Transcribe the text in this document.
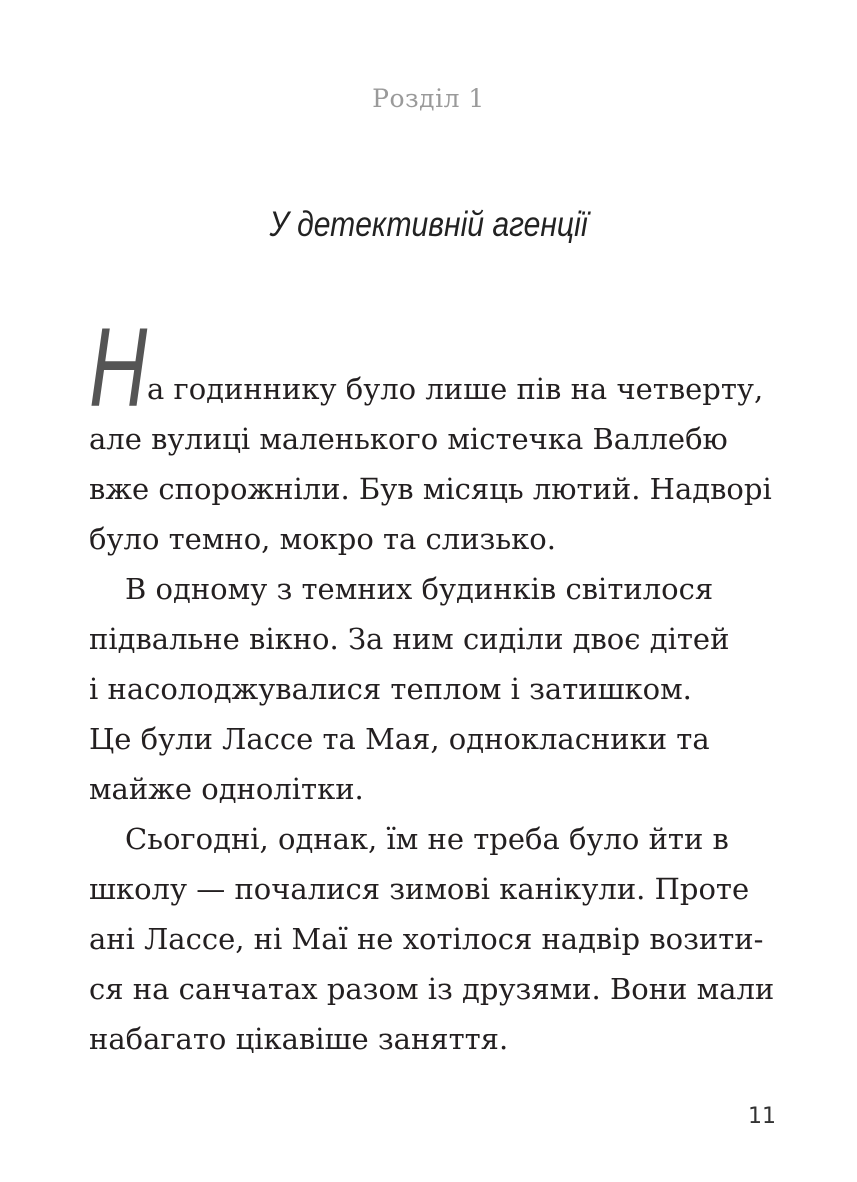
Розділ 1
У детективній агенції
Н а годиннику було лише пів на четверту,
але вулиці маленького містечка Валлебю
вже спорожніли. Був місяць лютий. Надворі
було темно, мокро та слизько.
В одному з темних будинків світилося
підвальне вікно. За ним сиділи двоє дітей
і насолоджувалися теплом і затишком.
Це були Лассе та Мая, однокласники та
майже однолітки.
Сьогодні, однак, їм не треба було йти в
школу — почалися зимові канікули. Проте
ані Лассе, ні Маї не хотілося надвір возити-
ся на санчатах разом із друзями. Вони мали
набагато цікавіше заняття.
11
